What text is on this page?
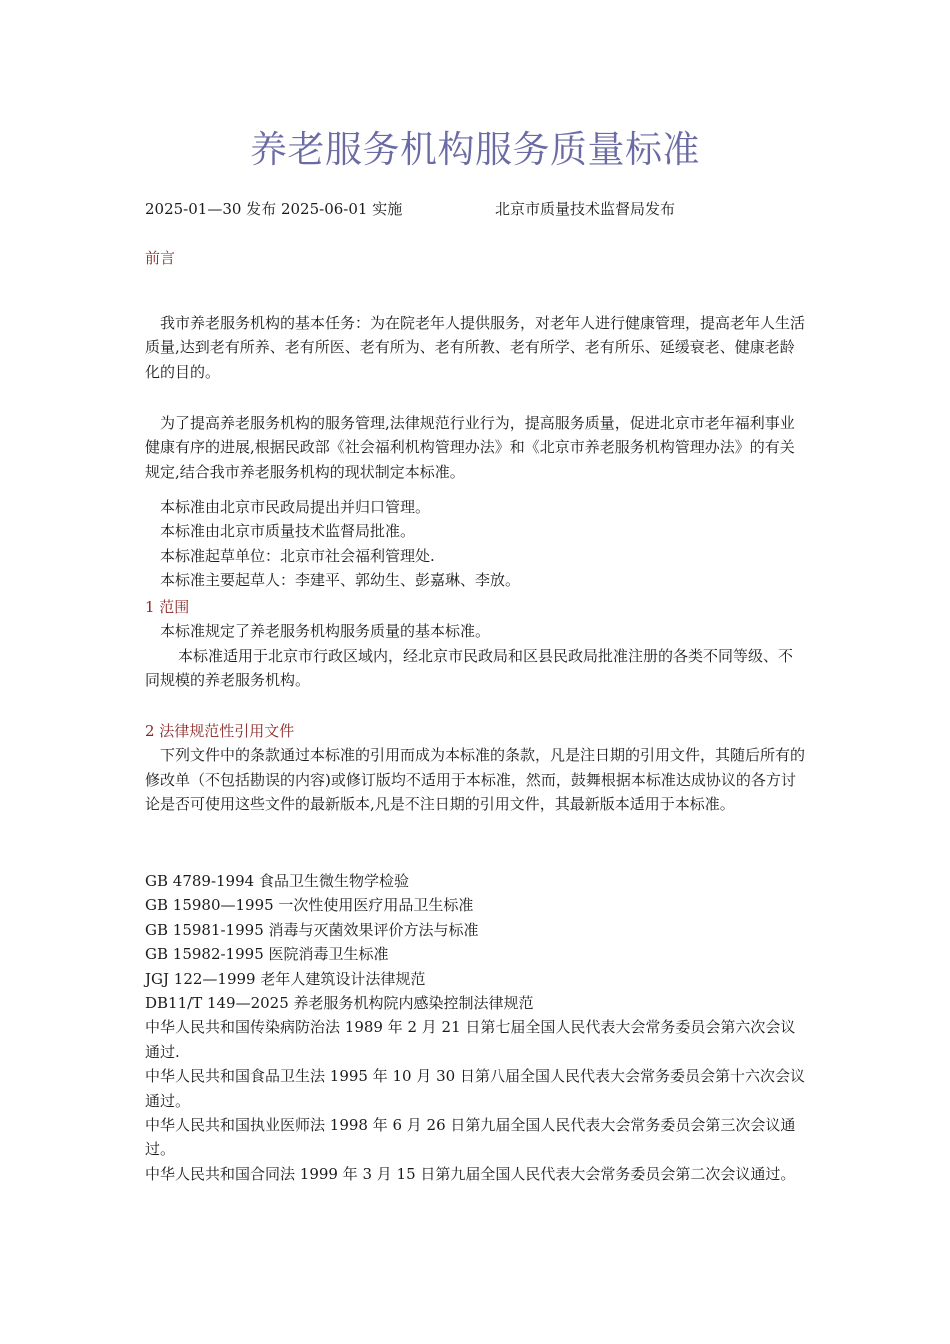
养老服务机构服务质量标准
2025-01—30 发布 2025-06-01 实施	北京市质量技术监督局发布
前言

我市养老服务机构的基本任务：为在院老年人提供服务，对老年人进行健康管理，提高老年人生活质量,达到老有所养、老有所医、老有所为、老有所教、老有所学、老有所乐、延缓衰老、健康老龄化的目的。

为了提高养老服务机构的服务管理,法律规范行业行为，提高服务质量，促进北京市老年福利事业健康有序的进展,根据民政部《社会福利机构管理办法》和《北京市养老服务机构管理办法》的有关规定,结合我市养老服务机构的现状制定本标准。

本标准由北京市民政局提出并归口管理。
本标准由北京市质量技术监督局批准。
本标准起草单位：北京市社会福利管理处.
本标准主要起草人：李建平、郭幼生、彭嘉琳、李放。
1 范围
本标准规定了养老服务机构服务质量的基本标准。

本标准适用于北京市行政区域内，经北京市民政局和区县民政局批准注册的各类不同等级、不同规模的养老服务机构。

2 法律规范性引用文件

下列文件中的条款通过本标准的引用而成为本标准的条款，凡是注日期的引用文件，其随后所有的修改单（不包括勘误的内容)或修订版均不适用于本标准，然而，鼓舞根据本标准达成协议的各方讨论是否可使用这些文件的最新版本,凡是不注日期的引用文件，其最新版本适用于本标准。

GB 4789-1994 食品卫生微生物学检验
GB 15980—1995 一次性使用医疗用品卫生标准
GB 15981-1995 消毒与灭菌效果评价方法与标准
GB 15982-1995 医院消毒卫生标准
JGJ 122—1999 老年人建筑设计法律规范
DB11/T 149—2025 养老服务机构院内感染控制法律规范

中华人民共和国传染病防治法 1989 年 2 月 21 日第七届全国人民代表大会常务委员会第六次会议通过.

中华人民共和国食品卫生法 1995 年 10 月 30 日第八届全国人民代表大会常务委员会第十六次会议通过。

中华人民共和国执业医师法 1998 年 6 月 26 日第九届全国人民代表大会常务委员会第三次会议通过。

中华人民共和国合同法 1999 年 3 月 15 日第九届全国人民代表大会常务委员会第二次会议通过。
